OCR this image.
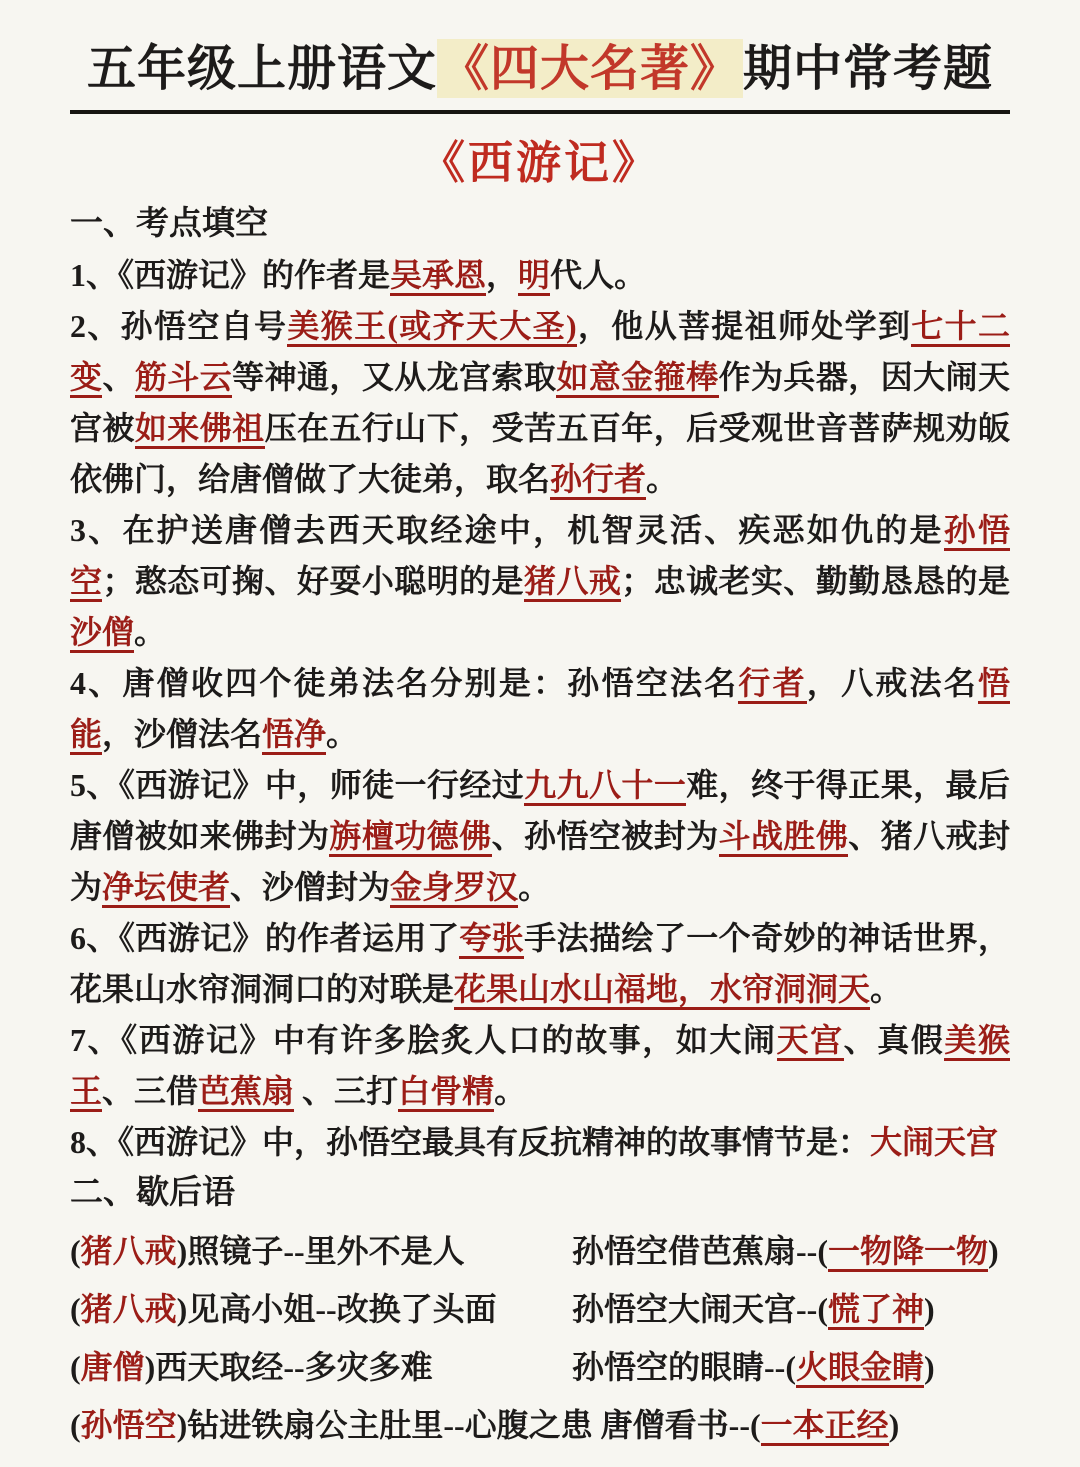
五年级上册语文《四大名著》期中常考题
《西游记》
一、考点填空

1、《西游记》的作者是吴承恩，明代人。

2、孙悟空自号美猴王(或齐天大圣)，他从菩提祖师处学到七十二变、筋斗云等神通，又从龙宫索取如意金箍棒作为兵器，因大闹天宫被如来佛祖压在五行山下，受苦五百年，后受观世音菩萨规劝皈依佛门，给唐僧做了大徒弟，取名孙行者。

3、在护送唐僧去西天取经途中，机智灵活、疾恶如仇的是孙悟空；憨态可掬、好耍小聪明的是猪八戒；忠诚老实、勤勤恳恳的是沙僧。

4、唐僧收四个徒弟法名分别是：孙悟空法名行者，八戒法名悟能，沙僧法名悟净。

5、《西游记》中，师徒一行经过九九八十一难，终于得正果，最后唐僧被如来佛封为旃檀功德佛、孙悟空被封为斗战胜佛、猪八戒封为净坛使者、沙僧封为金身罗汉。

6、《西游记》的作者运用了夸张手法描绘了一个奇妙的神话世界，花果山水帘洞洞口的对联是花果山水山福地，水帘洞洞天。

7、《西游记》中有许多脍炙人口的故事，如大闹天宫、真假美猴王、三借芭蕉扇 、三打白骨精。

8、《西游记》中，孙悟空最具有反抗精神的故事情节是：大闹天宫

二、歇后语

(猪八戒)照镜子--里外不是人	孙悟空借芭蕉扇--(一物降一物)

(猪八戒)见高小姐--改换了头面	孙悟空大闹天宫--(慌了神)

(唐僧)西天取经--多灾多难	孙悟空的眼睛--(火眼金睛)

(孙悟空)钻进铁扇公主肚里--心腹之患 唐僧看书--(一本正经)
